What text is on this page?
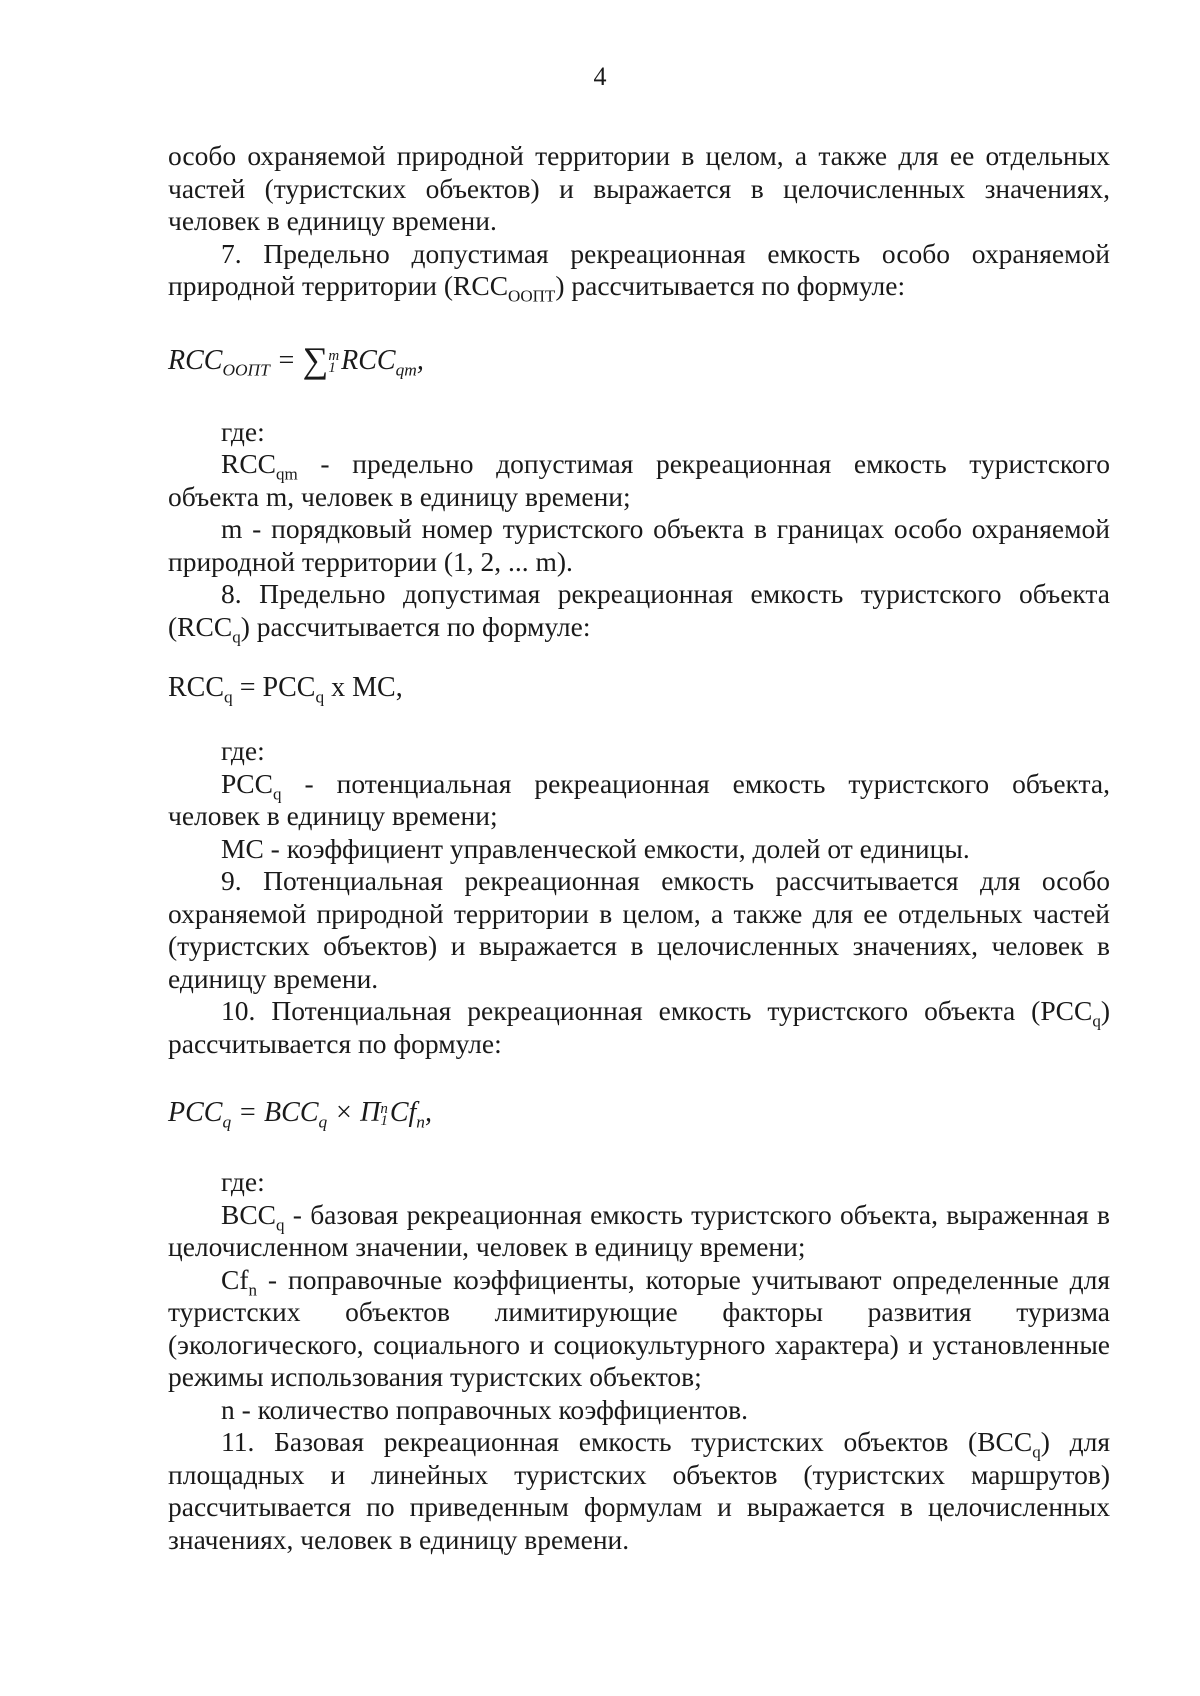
4

особо охраняемой природной территории в целом, а также для ее отдельных частей (туристских объектов) и выражается в целочисленных значениях, человек в единицу времени.

7. Предельно допустимая рекреационная емкость особо охраняемой природной территории $(RCC_{ООПТ})$ рассчитывается по формуле:

$RCC_{ООПТ}$ = ∑ m
1 $RCC_{qm}$,

где:

$RCC_{qm}$ - предельно допустимая рекреационная емкость туристского объекта m, человек в единицу времени;

m - порядковый номер туристского объекта в границах особо охраняемой природной территории (1, 2, ... m).

8. Предельно допустимая рекреационная емкость туристского объекта $(RCC_q)$ рассчитывается по формуле:

$RCC_q = PCC_q$ x MC,

где:

$PCC_q$ - потенциальная рекреационная емкость туристского объекта, человек в единицу времени;

MC - коэффициент управленческой емкости, долей от единицы.

9. Потенциальная рекреационная емкость рассчитывается для особо охраняемой природной территории в целом, а также для ее отдельных частей (туристских объектов) и выражается в целочисленных значениях, человек в единицу времени.

10. Потенциальная рекреационная емкость туристского объекта $(PCC_q)$ рассчитывается по формуле:

$PCC_q = BCC_q \times \Pi$ n
1 $Cf_n$,

где:

$BCC_q$ - базовая рекреационная емкость туристского объекта, выраженная в целочисленном значении, человек в единицу времени;

$Cf_n$ - поправочные коэффициенты, которые учитывают определенные для туристских объектов лимитирующие факторы развития туризма (экологического, социального и социокультурного характера) и установленные режимы использования туристских объектов;

n - количество поправочных коэффициентов.

11. Базовая рекреационная емкость туристских объектов $(BCC_q)$ для площадных и линейных туристских объектов (туристских маршрутов) рассчитывается по приведенным формулам и выражается в целочисленных значениях, человек в единицу времени.
